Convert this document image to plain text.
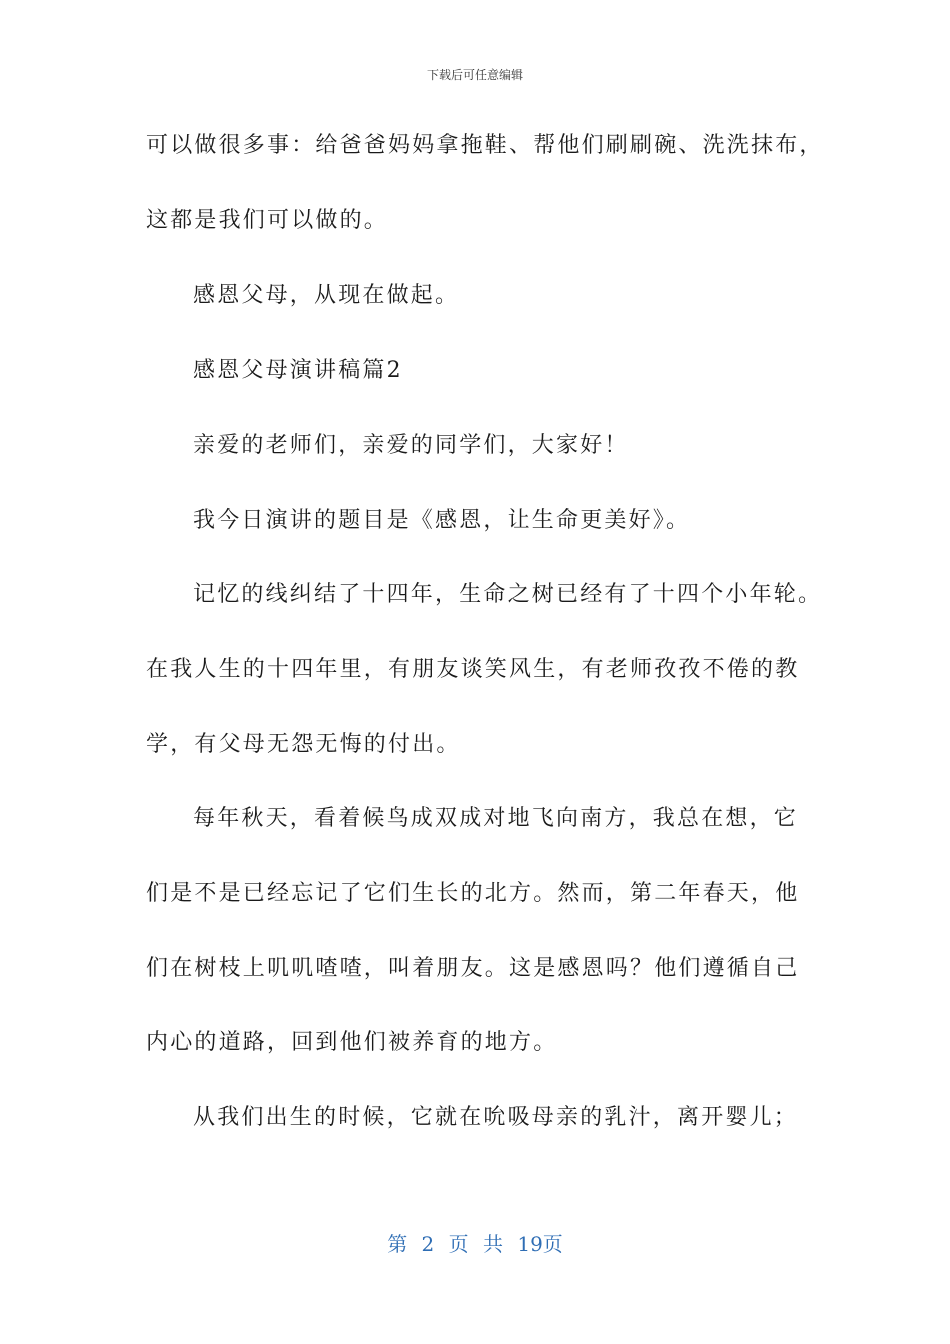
下载后可任意编辑
可以做很多事：给爸爸妈妈拿拖鞋、帮他们刷刷碗、洗洗抹布，
这都是我们可以做的。
感恩父母，从现在做起。
感恩父母演讲稿篇2
亲爱的老师们，亲爱的同学们，大家好！
我今日演讲的题目是《感恩，让生命更美好》。
记忆的线纠结了十四年，生命之树已经有了十四个小年轮。
在我人生的十四年里，有朋友谈笑风生，有老师孜孜不倦的教
学，有父母无怨无悔的付出。
每年秋天，看着候鸟成双成对地飞向南方，我总在想，它
们是不是已经忘记了它们生长的北方。然而，第二年春天，他
们在树枝上叽叽喳喳，叫着朋友。这是感恩吗？他们遵循自己
内心的道路，回到他们被养育的地方。
从我们出生的时候，它就在吮吸母亲的乳汁，离开婴儿；
第 2 页 共 19页
